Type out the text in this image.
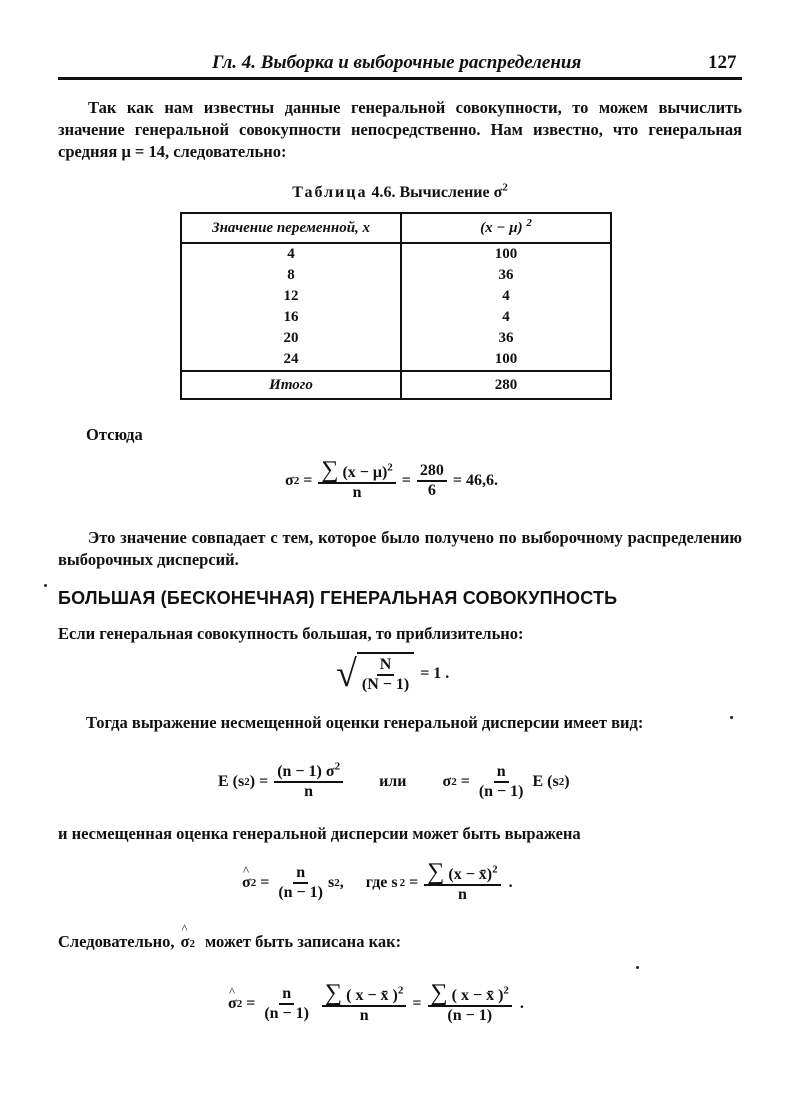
Гл. 4. Выборка и выборочные распределения	127
Так как нам известны данные генеральной совокупности, то можем вычислить значение генеральной совокупности непосредственно. Нам известно, что генеральная средняя μ = 14, следовательно:
Таблица 4.6. Вычисление $\sigma^2$
Значение переменной, x	(x − μ) $^2$
4	100
8	36
12	4
16	4
20	36
24	100
Итого	280
Отсюда
σ $2 = \frac{\sum (x - \mu)^2}{n} = \frac{280}{6} = 46,6$.
Это значение совпадает с тем, которое было получено по выборочному распределению выборочных дисперсий.
БОЛЬШАЯ (БЕСКОНЕЧНАЯ) ГЕНЕРАЛЬНАЯ СОВОКУПНОСТЬ
Если генеральная совокупность большая, то приблизительно:
√ $\frac{N}{(N - 1)} = 1$ .
Тогда выражение несмещенной оценки генеральной дисперсии имеет вид:
E (s 2 ) = $\frac{(n - 1) \sigma^2}{n}$ или σ $2 = \frac{n}{(n - 1)}$ E (s 2 )
и несмещенная оценка генеральной дисперсии может быть выражена
^ σ $2 = \frac{n}{(n - 1)}$ s 2 , где s $2 = \frac{\sum (x - x̄)^2}{n}$ .
Следовательно, ^ σ 2 может быть записана как:
^ σ $2 = \frac{n}{(n - 1)} \frac{\sum ( x - x̄ )^2}{n} = \frac{\sum ( x - x̄ )^2}{(n - 1)}$ .
